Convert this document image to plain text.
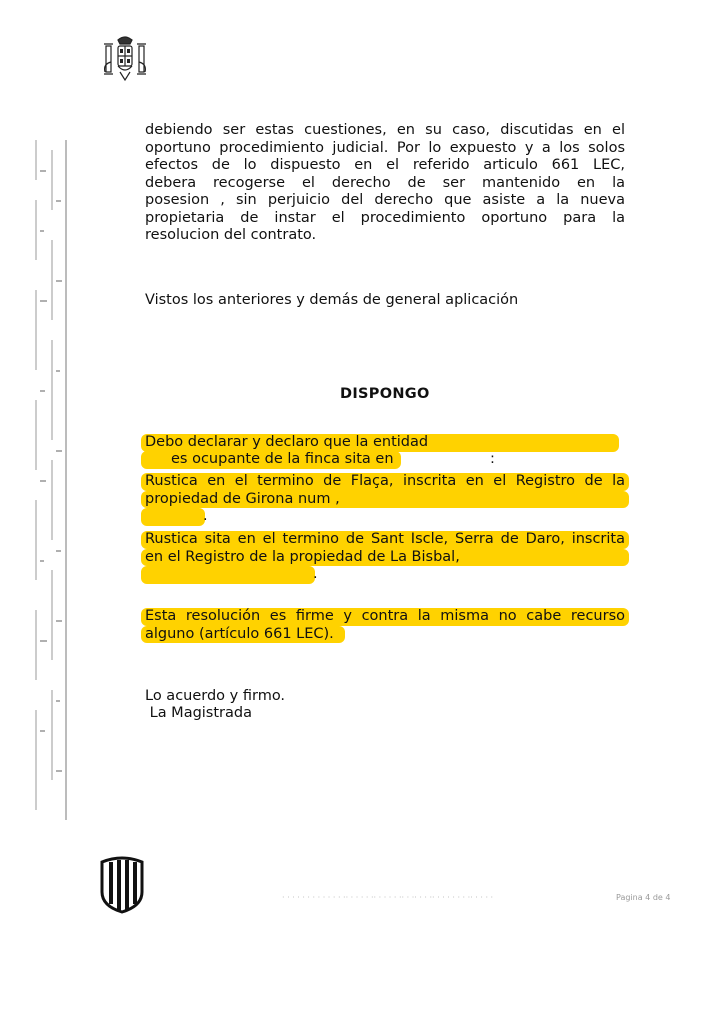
debiendo ser estas cuestiones, en su caso, discutidas en el
oportuno procedimiento judicial. Por lo expuesto y a los solos
efectos de lo dispuesto en el referido articulo 661 LEC,
debera recogerse el derecho de ser mantenido en la
posesion , sin perjuicio del derecho que asiste a la nueva
propietaria de instar el procedimiento oportuno para la
resolucion del contrato.
Vistos los anteriores y demás de general aplicación
DISPONGO
Debo declarar y declaro que la entidad
es ocupante de la finca sita en	:
Rustica en el termino de Flaça, inscrita en el Registro de la
propiedad de Girona num ,
.
Rustica sita en el termino de Sant Iscle, Serra de Daro, inscrita
en el Registro de la propiedad de La Bisbal,
.
Esta resolución es firme y contra la misma no cabe recurso
alguno (artículo 661 LEC).
Lo acuerdo y firmo.
La Magistrada
· · · · · · · · · · · · ·· · · · · ·· · · · · ·· · ·· · · ·· · · · · · · ·· · · · ·	Pagina 4 de 4
